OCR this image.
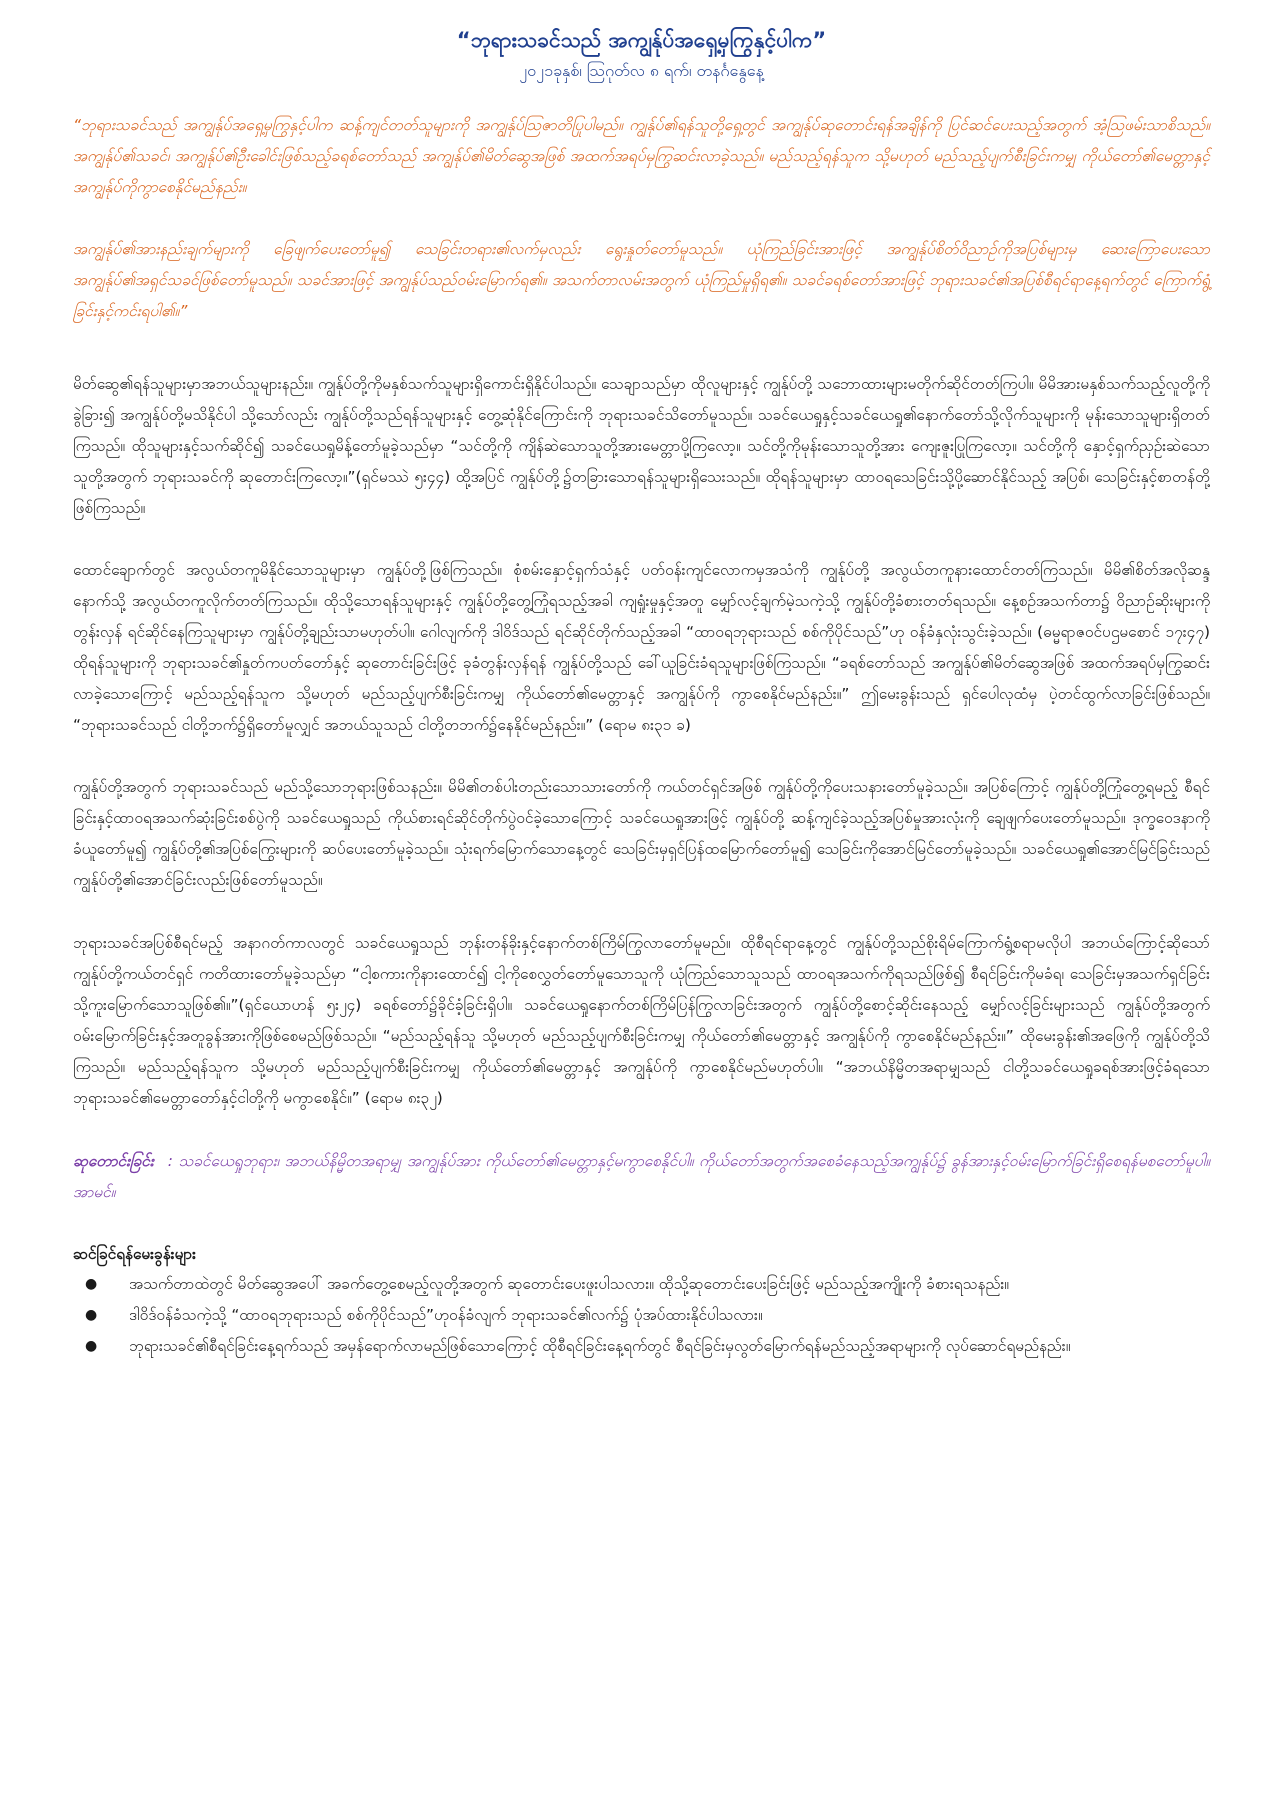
“ဘုရားသခင်သည် အကျွန်ုပ်အရှေ့မှကြွနှင့်ပါက”

၂၀၂၁ခုနှစ်၊ ဩဂုတ်လ ၈ ရက်၊ တနင်္ဂနွေနေ့

“ဘုရားသခင်သည် အကျွန်ုပ်အရှေ့မှကြွနှင့်ပါက ဆန့်ကျင်တတ်သူများကို အကျွန်ုပ်ဩဇာတိပြုပါမည်။ ကျွန်ုပ်၏ရန်သူတို့ရှေ့တွင် အကျွန်ုပ်ဆုတောင်းရန်အချိန်ကို ပြင်ဆင်ပေးသည့်အတွက် အံ့သြဖမ်းသာစိသည်။ အကျွန်ုပ်၏သခင်၊ အကျွန်ုပ်၏ဦးခေါင်းဖြစ်သည့်ခရစ်တော်သည် အကျွန်ုပ်၏မိတ်ဆွေအဖြစ် အထက်အရပ်မှကြွဆင်းလာခဲ့သည်။ မည်သည့်ရန်သူက သို့မဟုတ် မည်သည့်ပျက်စီးခြင်းကမျှ ကိုယ်တော်၏မေတ္တာနှင့် အကျွန်ုပ်ကိုကွာစေနိုင်မည်နည်း။

အကျွန်ုပ်၏အားနည်းချက်များကို ခြေဖျက်ပေးတော်မူ၍ သေခြင်းတရား၏လက်မှလည်း ရွေးနှုတ်တော်မူသည်။ ယုံကြည်ခြင်းအားဖြင့် အကျွန်ုပ်စိတ်ဝိညာဉ်ကိုအပြစ်များမှ ဆေးကြောပေးသော အကျွန်ုပ်၏အရှင်သခင်ဖြစ်တော်မူသည်။ သခင်အားဖြင့် အကျွန်ုပ်သည်ဝမ်းမြောက်ရ၏။ အသက်တာလမ်းအတွက် ယုံကြည်မှုရှိရ၏။ သခင်ခရစ်တော်အားဖြင့် ဘုရားသခင်၏အပြစ်စီရင်ရာနေ့ရက်တွင် ကြောက်ရွံ့ခြင်းနှင့်ကင်းရပါ၏။”

မိတ်ဆွေ၏ရန်သူများမှာအဘယ်သူများနည်း။ ကျွန်ုပ်တို့ကိုမနှစ်သက်သူများရှိကောင်းရှိနိုင်ပါသည်။ သေချာသည်မှာ ထိုလူများနှင့် ကျွန်ုပ်တို့ သဘောထားများမတိုက်ဆိုင်တတ်ကြပါ။ မိမိအားမနှစ်သက်သည့်လူတို့ကိုခွဲခြား၍ အကျွန်ုပ်တို့မသိနိုင်ပါ သို့သော်လည်း ကျွန်ုပ်တို့သည်ရန်သူများနှင့် တွေ့ဆုံနိုင်ကြောင်းကို ဘုရားသခင်သိတော်မူသည်။ သခင်ယေရှုနှင့်သခင်ယေရှု၏နောက်တော်သို့လိုက်သူများကို မုန်းသောသူများရှိတတ်ကြသည်။ ထိုသူများနှင့်သက်ဆိုင်၍ သခင်ယေရှုမိန့်တော်မူခဲ့သည်မှာ “သင်တို့ကို ကျိန်ဆဲသောသူတို့အားမေတ္တာပို့ကြလော့။ သင်တို့ကိုမုန်းသောသူတို့အား ကျေးဇူးပြုကြလော့။ သင်တို့ကို နှောင့်ရှက်ညှဉ်းဆဲသောသူတို့အတွက် ဘုရားသခင်ကို ဆုတောင်းကြလော့။”(ရှင်မဿဲ ၅း၄၄) ထို့အပြင် ကျွန်ုပ်တို့၌တခြားသောရန်သူများရှိသေးသည်။ ထိုရန်သူများမှာ ထာဝရသေခြင်းသို့ပို့ဆောင်နိုင်သည့် အပြစ်၊ သေခြင်းနှင့်စာတန်တို့ဖြစ်ကြသည်။

ထောင်ချောက်တွင် အလွယ်တကူမိနိုင်သောသူများမှာ ကျွန်ုပ်တို့ဖြစ်ကြသည်။ စုံစမ်းနှောင့်ရှက်သံနှင့် ပတ်ဝန်းကျင်လောကမှအသံကို ကျွန်ုပ်တို့ အလွယ်တကူနားထောင်တတ်ကြသည်။ မိမိ၏စိတ်အလိုဆန္ဒနောက်သို့ အလွယ်တကူလိုက်တတ်ကြသည်။ ထိုသို့သောရန်သူများနှင့် ကျွန်ုပ်တို့တွေ့ကြုံရသည့်အခါ ကျရှုံးမှုနှင့်အတူ မျှော်လင့်ချက်မဲ့သကဲ့သို့ ကျွန်ုပ်တို့ခံစားတတ်ရသည်။ နေ့စဉ်အသက်တာ၌ ဝိညာဉ်ဆိုးများကိုတွန်းလှန် ရင်ဆိုင်နေကြသူများမှာ ကျွန်ုပ်တို့ချည်းသာမဟုတ်ပါ။ ဂေါလျက်ကို ဒါဝိဒ်သည် ရင်ဆိုင်တိုက်သည့်အခါ “ထာဝရဘုရားသည် စစ်ကိုပိုင်သည်”ဟု ဝန်ခံနှလုံးသွင်းခဲ့သည်။ (ဓမ္မရာဇဝင်ပဌမစောင် ၁၇း၄၇) ထိုရန်သူများကို ဘုရားသခင်၏နှုတ်ကပတ်တော်နှင့် ဆုတောင်းခြင်းဖြင့် ခုခံတွန်းလှန်ရန် ကျွန်ုပ်တို့သည် ခေါ်ယူခြင်းခံရသူများဖြစ်ကြသည်။ “ခရစ်တော်သည် အကျွန်ုပ်၏မိတ်ဆွေအဖြစ် အထက်အရပ်မှကြွဆင်းလာခဲ့သောကြောင့် မည်သည့်ရန်သူက သို့မဟုတ် မည်သည့်ပျက်စီးခြင်းကမျှ ကိုယ်တော်၏မေတ္တာနှင့် အကျွန်ုပ်ကို ကွာစေနိုင်မည်နည်း။” ဤမေးခွန်းသည် ရှင်ပေါလုထံမှ ပဲ့တင်ထွက်လာခြင်းဖြစ်သည်။ “ဘုရားသခင်သည် ငါတို့ဘက်၌ရှိတော်မူလျှင် အဘယ်သူသည် ငါတို့တဘက်၌နေနိုင်မည်နည်း။” (ရောမ ၈း၃၁ ခ)

ကျွန်ုပ်တို့အတွက် ဘုရားသခင်သည် မည်သို့သောဘုရားဖြစ်သနည်း။ မိမိ၏တစ်ပါးတည်းသောသားတော်ကို ကယ်တင်ရှင်အဖြစ် ကျွန်ုပ်တို့ကိုပေးသနားတော်မူခဲ့သည်။ အပြစ်ကြောင့် ကျွန်ုပ်တို့ကြုံတွေ့ရမည့် စီရင်ခြင်းနှင့်ထာဝရအသက်ဆုံးခြင်းစစ်ပွဲကို သခင်ယေရှုသည် ကိုယ်စားရင်ဆိုင်တိုက်ပွဲဝင်ခဲ့သောကြောင့် သခင်ယေရှုအားဖြင့် ကျွန်ုပ်တို့ ဆန့်ကျင်ခဲ့သည့်အပြစ်မှုအားလုံးကို ချေဖျက်ပေးတော်မူသည်။ ဒုက္ခဝေဒနာကိုခံယူတော်မူ၍ ကျွန်ုပ်တို့၏အပြစ်ကြွေးများကို ဆပ်ပေးတော်မူခဲ့သည်။ သုံးရက်မြောက်သောနေ့တွင် သေခြင်းမှရှင်ပြန်ထမြောက်တော်မူ၍ သေခြင်းကိုအောင်မြင်တော်မူခဲ့သည်။ သခင်ယေရှု၏အောင်မြင်ခြင်းသည် ကျွန်ုပ်တို့၏အောင်ခြင်းလည်းဖြစ်တော်မူသည်။

ဘုရားသခင်အပြစ်စီရင်မည့် အနာဂတ်ကာလတွင် သခင်ယေရှုသည် ဘုန်းတန်ခိုးနှင့်နောက်တစ်ကြိမ်ကြွလာတော်မူမည်။ ထိုစီရင်ရာနေ့တွင် ကျွန်ုပ်တို့သည်စိုးရိမ်ကြောက်ရွံ့စရာမလိုပါ အဘယ်ကြောင့်ဆိုသော် ကျွန်ုပ်တို့ကယ်တင်ရှင် ကတိထားတော်မူခဲ့သည်မှာ “ငါ့စကားကိုနားထောင်၍ ငါ့ကိုစေလွှတ်တော်မူသောသူကို ယုံကြည်သောသူသည် ထာဝရအသက်ကိုရသည်ဖြစ်၍ စီရင်ခြင်းကိုမခံရ၊ သေခြင်းမှအသက်ရှင်ခြင်းသို့ကူးမြောက်သောသူဖြစ်၏။”(ရှင်ယောဟန် ၅း၂၄) ခရစ်တော်၌ခိုင်ခံ့ခြင်းရှိပါ။ သခင်ယေရှုနောက်တစ်ကြိမ်ပြန်ကြွလာခြင်းအတွက် ကျွန်ုပ်တို့စောင့်ဆိုင်းနေသည့် မျှော်လင့်ခြင်းများသည် ကျွန်ုပ်တို့အတွက် ဝမ်းမြောက်ခြင်းနှင့်အတူခွန်အားကိုဖြစ်စေမည်ဖြစ်သည်။ “မည်သည့်ရန်သူ သို့မဟုတ် မည်သည့်ပျက်စီးခြင်းကမျှ ကိုယ်တော်၏မေတ္တာနှင့် အကျွန်ုပ်ကို ကွာစေနိုင်မည်နည်း။” ထိုမေးခွန်း၏အဖြေကို ကျွန်ုပ်တို့သိကြသည်။ မည်သည့်ရန်သူက သို့မဟုတ် မည်သည့်ပျက်စီးခြင်းကမျှ ကိုယ်တော်၏မေတ္တာနှင့် အကျွန်ုပ်ကို ကွာစေနိုင်မည်မဟုတ်ပါ။ “အဘယ်နိမ္မိတအရာမျှသည် ငါတို့သခင်ယေရှုခရစ်အားဖြင့်ခံရသော ဘုရားသခင်၏မေတ္တာတော်နှင့်ငါတို့ကို မကွာစေနိုင်။” (ရောမ ၈း၃၂)

ဆုတောင်းခြင်း : သခင်ယေရှုဘုရား၊ အဘယ်နိမ္မိတအရာမျှ အကျွန်ုပ်အား ကိုယ်တော်၏မေတ္တာနှင့်မကွာစေနိုင်ပါ။ ကိုယ်တော်အတွက်အစေခံနေသည့်အကျွန်ုပ်၌ ခွန်အားနှင့်ဝမ်းမြောက်ခြင်းရှိစေရန်မစတော်မူပါ။ အာမင်။

ဆင်ခြင်ရန်မေးခွန်းများ

● အသက်တာထဲတွင် မိတ်ဆွေအပေါ် အခက်တွေ့စေမည့်လူတို့အတွက် ဆုတောင်းပေးဖူးပါသလား။ ထိုသို့ဆုတောင်းပေးခြင်းဖြင့် မည်သည့်အကျိုးကို ခံစားရသနည်း။
● ဒါဝိဒ်ဝန်ခံသကဲ့သို့ “ထာဝရဘုရားသည် စစ်ကိုပိုင်သည်”ဟုဝန်ခံလျက် ဘုရားသခင်၏လက်၌ ပုံအပ်ထားနိုင်ပါသလား။
● ဘုရားသခင်၏စီရင်ခြင်းနေ့ရက်သည် အမှန်ရောက်လာမည်ဖြစ်သောကြောင့် ထိုစီရင်ခြင်းနေ့ရက်တွင် စီရင်ခြင်းမှလွတ်မြောက်ရန်မည်သည့်အရာများကို လုပ်ဆောင်ရမည်နည်း။
